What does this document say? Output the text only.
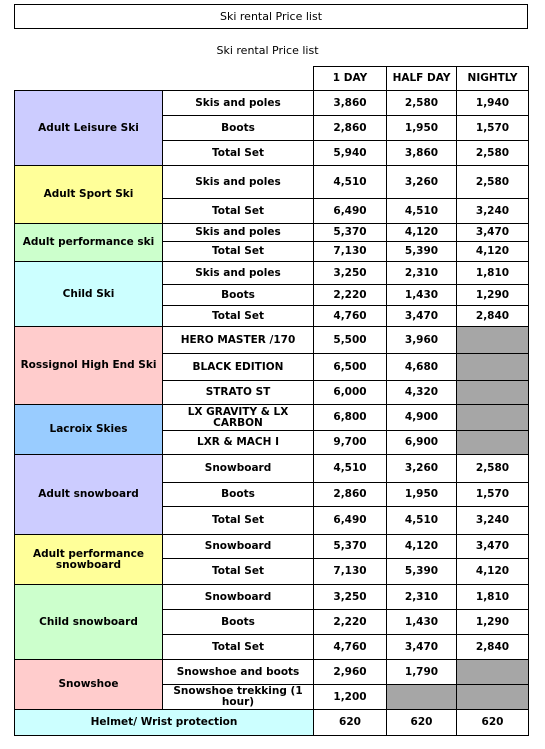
Ski rental Price list
Ski rental Price list
		1 DAY	HALF DAY	NIGHTLY
Adult Leisure Ski	Skis and poles	3,860	2,580	1,940
	Boots	2,860	1,950	1,570
	Total Set	5,940	3,860	2,580
Adult Sport Ski	Skis and poles	4,510	3,260	2,580
	Total Set	6,490	4,510	3,240
Adult performance ski	Skis and poles	5,370	4,120	3,470
	Total Set	7,130	5,390	4,120
Child Ski	Skis and poles	3,250	2,310	1,810
	Boots	2,220	1,430	1,290
	Total Set	4,760	3,470	2,840
Rossignol High End Ski	HERO MASTER /170	5,500	3,960	
	BLACK EDITION	6,500	4,680	
	STRATO ST	6,000	4,320	
Lacroix Skies	LX GRAVITY & LX CARBON	6,800	4,900	
	LXR & MACH I	9,700	6,900	
Adult snowboard	Snowboard	4,510	3,260	2,580
	Boots	2,860	1,950	1,570
	Total Set	6,490	4,510	3,240
Adult performance snowboard	Snowboard	5,370	4,120	3,470
	Total Set	7,130	5,390	4,120
Child snowboard	Snowboard	3,250	2,310	1,810
	Boots	2,220	1,430	1,290
	Total Set	4,760	3,470	2,840
Snowshoe	Snowshoe and boots	2,960	1,790	
	Snowshoe trekking (1 hour)	1,200		
Helmet/ Wrist protection		620	620	620
